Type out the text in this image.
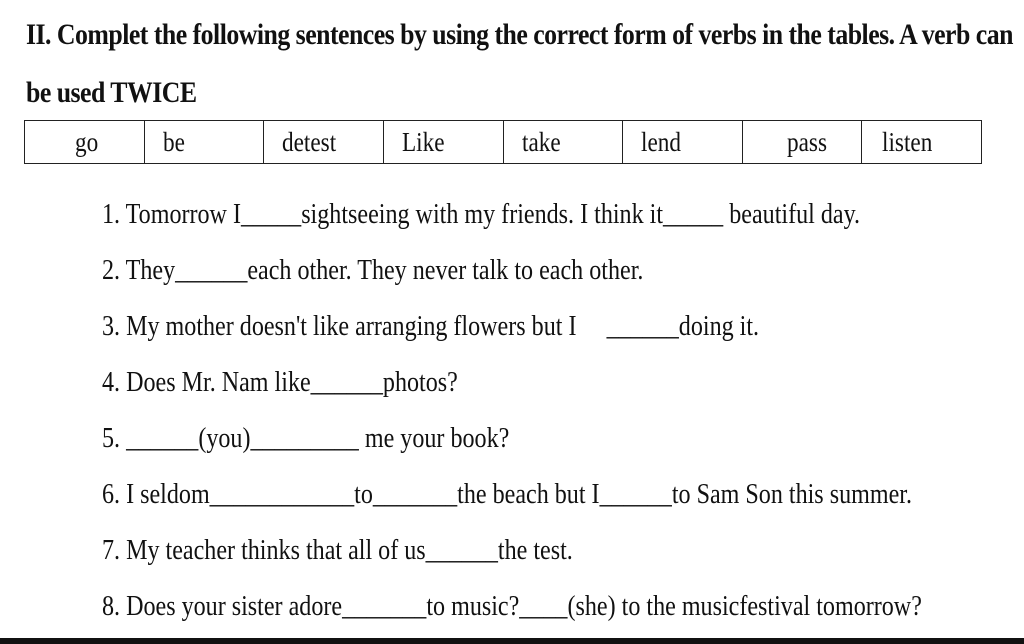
II. Complet the following sentences by using the correct form of verbs in the tables. A verb can
be used TWICE
go	be	detest	Like	take	lend	pass	listen
1. Tomorrow I_____sightseeing with my friends. I think it_____ beautiful day.
2. They______each other. They never talk to each other.
3. My mother doesn't like arranging flowers but I     ______doing it.
4. Does Mr. Nam like______photos?
5. ______(you)_________ me your book?
6. I seldom____________to_______the beach but I______to Sam Son this summer.
7. My teacher thinks that all of us______the test.
8. Does your sister adore_______to music?____(she) to the musicfestival tomorrow?
